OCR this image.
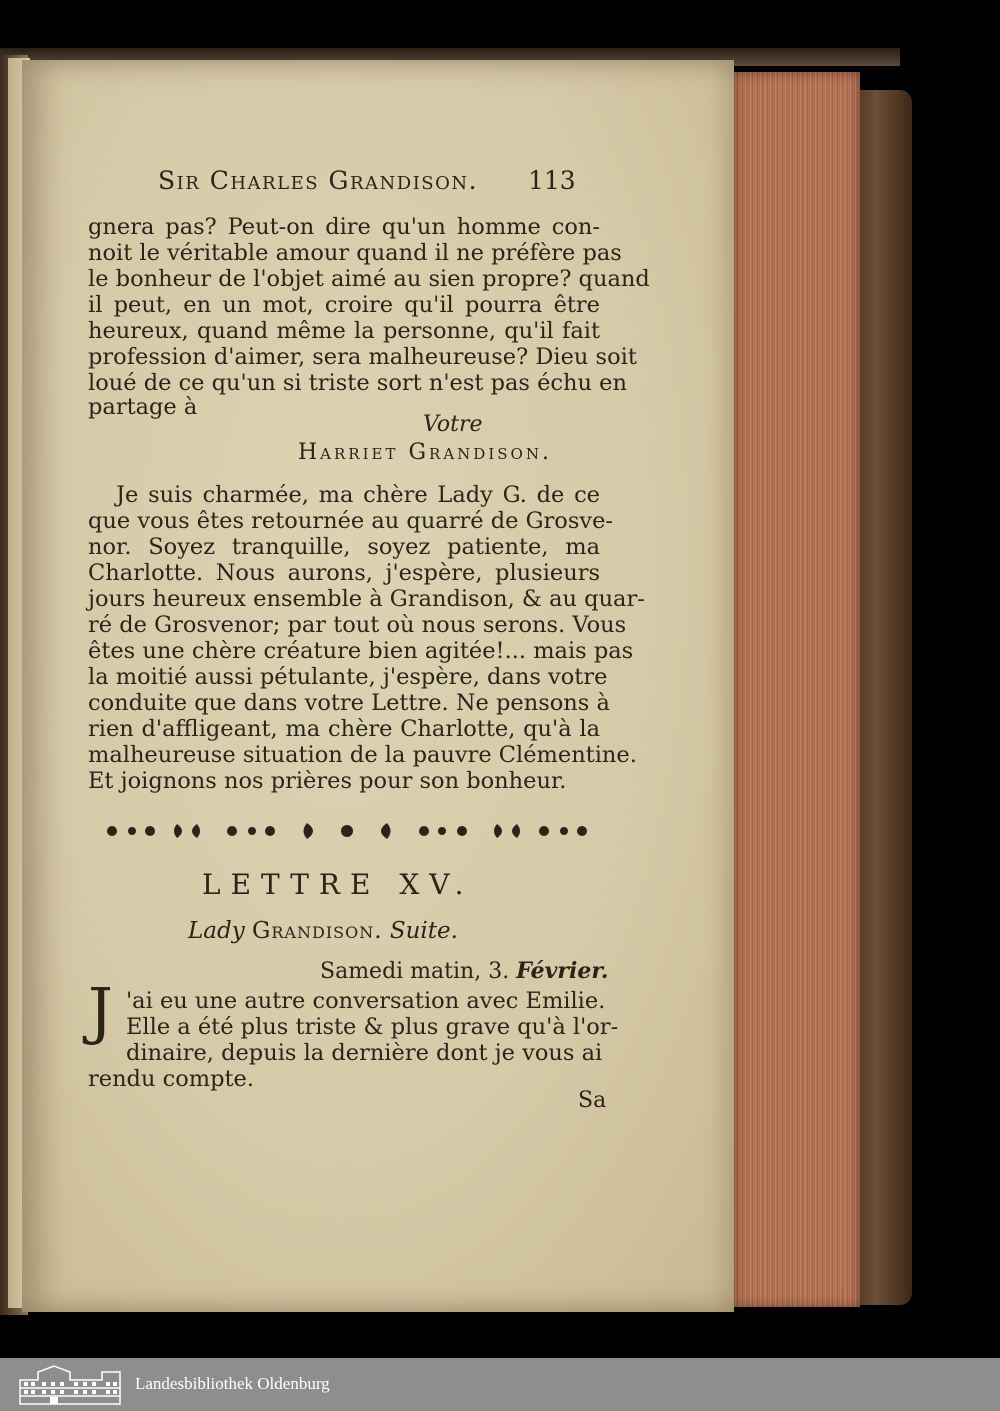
Sir Charles Grandison. 113
gnera pas? Peut-on dire qu'un homme con-
noit le véritable amour quand il ne préfère pas
le bonheur de l'objet aimé au sien propre? quand
il peut, en un mot, croire qu'il pourra être
heureux, quand même la personne, qu'il fait
profession d'aimer, sera malheureuse? Dieu soit
loué de ce qu'un si triste sort n'est pas échu en
partage à
Votre
Harriet Grandison.
Je suis charmée, ma chère Lady G. de ce
que vous êtes retournée au quarré de Grosve-
nor. Soyez tranquille, soyez patiente, ma
Charlotte. Nous aurons, j'espère, plusieurs
jours heureux ensemble à Grandison, & au quar-
ré de Grosvenor; par tout où nous serons. Vous
êtes une chère créature bien agitée!... mais pas
la moitié aussi pétulante, j'espère, dans votre
conduite que dans votre Lettre. Ne pensons à
rien d'affligeant, ma chère Charlotte, qu'à la
malheureuse situation de la pauvre Clémentine.
Et joignons nos prières pour son bonheur.
LETTRE XV.
Lady Grandison. Suite.
Samedi matin, 3. Février.
J 'ai eu une autre conversation avec Emilie.
Elle a été plus triste & plus grave qu'à l'or-
dinaire, depuis la dernière dont je vous ai
rendu compte.
Sa
Landesbibliothek Oldenburg
